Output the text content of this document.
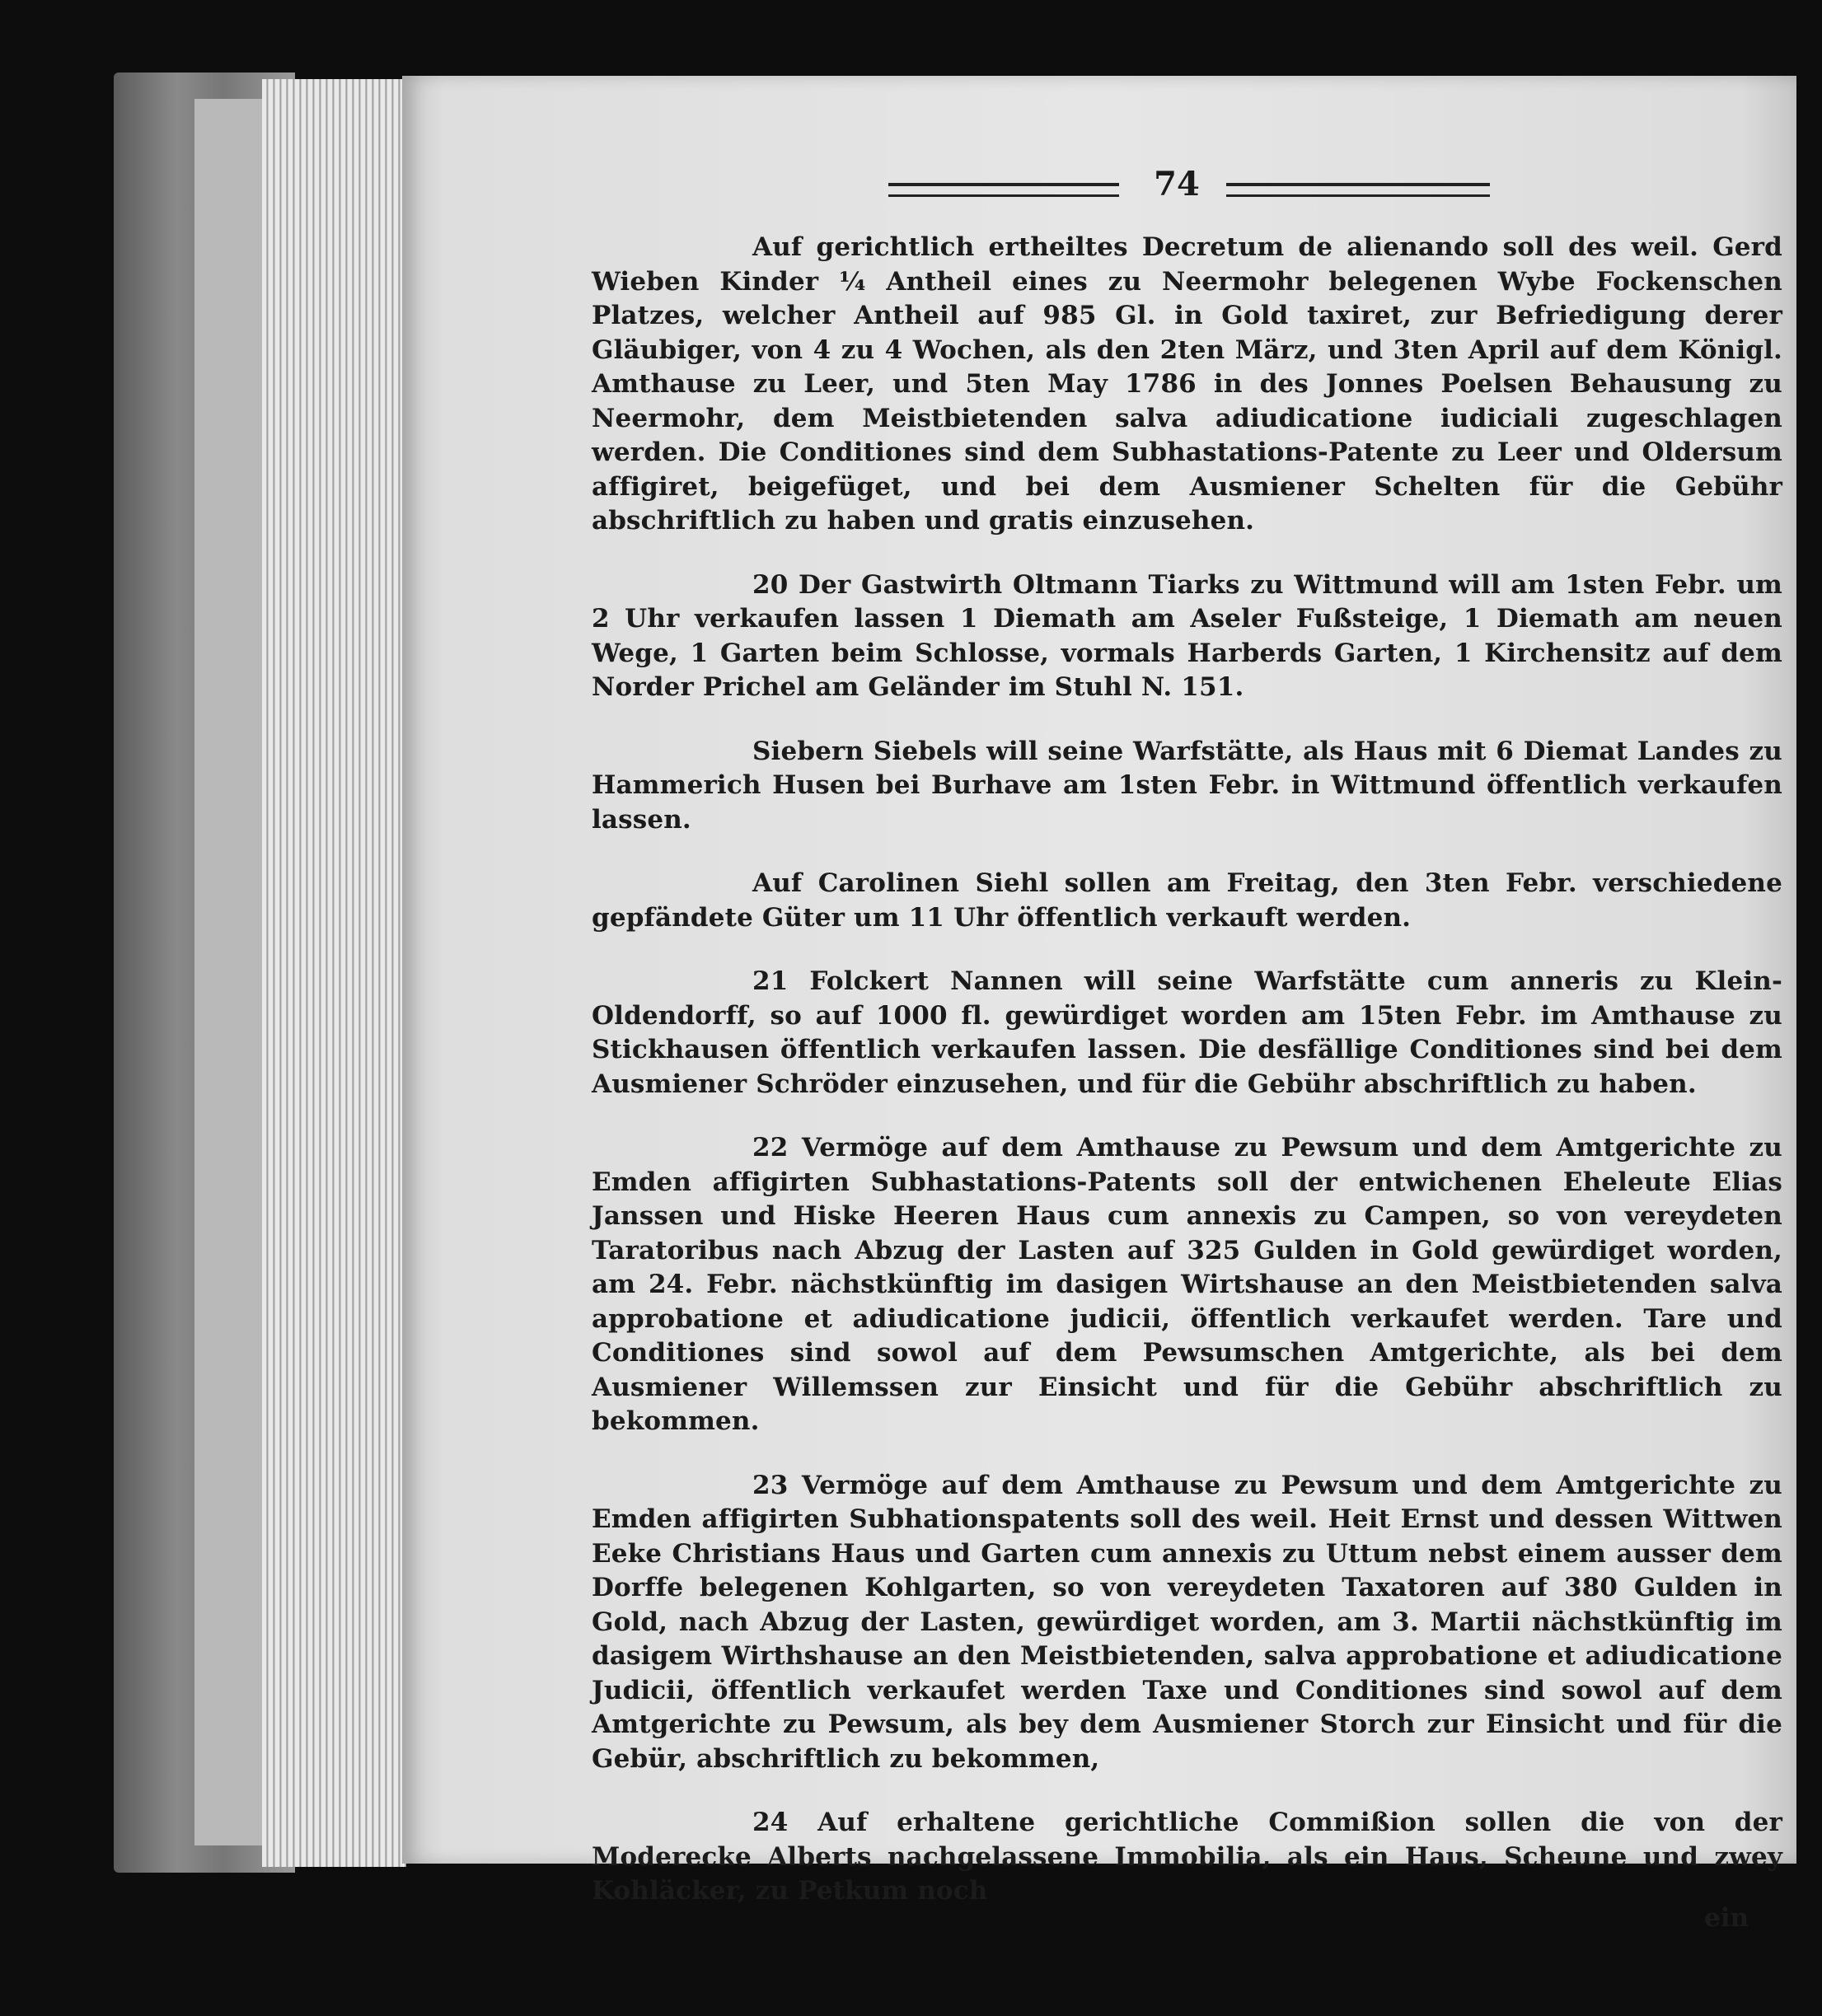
74

Auf gerichtlich ertheiltes Decretum de alienando soll des weil. Gerd Wieben Kinder ¼ Antheil eines zu Neermohr belegenen Wybe Fockenschen Platzes, welcher Antheil auf 985 Gl. in Gold taxiret, zur Befriedigung derer Gläubiger, von 4 zu 4 Wochen, als den 2ten März, und 3ten April auf dem Königl. Amthause zu Leer, und 5ten May 1786 in des Jonnes Poelsen Behausung zu Neermohr, dem Meistbietenden salva adiudicatione iudiciali zugeschlagen werden. Die Conditiones sind dem Subhastations-Patente zu Leer und Oldersum affigiret, beigefüget, und bei dem Ausmiener Schelten für die Gebühr abschriftlich zu haben und gratis einzusehen.

20 Der Gastwirth Oltmann Tiarks zu Wittmund will am 1sten Febr. um 2 Uhr verkaufen lassen 1 Diemath am Aseler Fußsteige, 1 Diemath am neuen Wege, 1 Garten beim Schlosse, vormals Harberds Garten, 1 Kirchensitz auf dem Norder Prichel am Geländer im Stuhl N. 151.

Siebern Siebels will seine Warfstätte, als Haus mit 6 Diemat Landes zu Hammerich Husen bei Burhave am 1sten Febr. in Wittmund öffentlich verkaufen lassen.

Auf Carolinen Siehl sollen am Freitag, den 3ten Febr. verschiedene gepfändete Güter um 11 Uhr öffentlich verkauft werden.

21 Folckert Nannen will seine Warfstätte cum anneris zu Klein-Oldendorff, so auf 1000 fl. gewürdiget worden am 15ten Febr. im Amthause zu Stickhausen öffentlich verkaufen lassen. Die desfällige Conditiones sind bei dem Ausmiener Schröder einzusehen, und für die Gebühr abschriftlich zu haben.

22 Vermöge auf dem Amthause zu Pewsum und dem Amtgerichte zu Emden affigirten Subhastations-Patents soll der entwichenen Eheleute Elias Janssen und Hiske Heeren Haus cum annexis zu Campen, so von vereydeten Taratoribus nach Abzug der Lasten auf 325 Gulden in Gold gewürdiget worden, am 24. Febr. nächstkünftig im dasigen Wirtshause an den Meistbietenden salva approbatione et adiudicatione judicii, öffentlich verkaufet werden. Tare und Conditiones sind sowol auf dem Pewsumschen Amtgerichte, als bei dem Ausmiener Willemssen zur Einsicht und für die Gebühr abschriftlich zu bekommen.

23 Vermöge auf dem Amthause zu Pewsum und dem Amtgerichte zu Emden affigirten Subhationspatents soll des weil. Heit Ernst und dessen Wittwen Eeke Christians Haus und Garten cum annexis zu Uttum nebst einem ausser dem Dorffe belegenen Kohlgarten, so von vereydeten Taxatoren auf 380 Gulden in Gold, nach Abzug der Lasten, gewürdiget worden, am 3. Martii nächstkünftig im dasigem Wirthshause an den Meistbietenden, salva approbatione et adiudicatione Judicii, öffentlich verkaufet werden Taxe und Conditiones sind sowol auf dem Amtgerichte zu Pewsum, als bey dem Ausmiener Storch zur Einsicht und für die Gebür, abschriftlich zu bekommen,

24 Auf erhaltene gerichtliche Commißion sollen die von der Moderecke Alberts nachgelassene Immobilia, als ein Haus, Scheune und zwey Kohläcker, zu Petkum noch

ein
